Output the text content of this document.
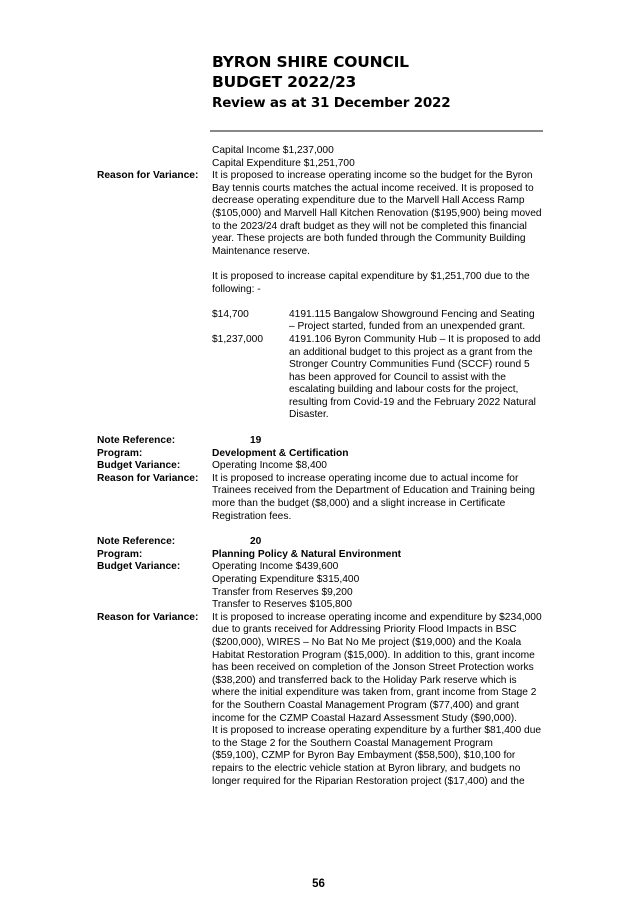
BYRON SHIRE COUNCIL
BUDGET 2022/23
Review as at 31 December 2022
Capital Income $1,237,000
Capital Expenditure $1,251,700
Reason for Variance:	It is proposed to increase operating income so the budget for the Byron Bay tennis courts matches the actual income received. It is proposed to decrease operating expenditure due to the Marvell Hall Access Ramp ($105,000) and Marvell Hall Kitchen Renovation ($195,900) being moved to the 2023/24 draft budget as they will not be completed this financial year. These projects are both funded through the Community Building Maintenance reserve.
It is proposed to increase capital expenditure by $1,251,700 due to the following: -
$14,700	4191.115 Bangalow Showground Fencing and Seating – Project started, funded from an unexpended grant.
$1,237,000	4191.106 Byron Community Hub – It is proposed to add an additional budget to this project as a grant from the Stronger Country Communities Fund (SCCF) round 5 has been approved for Council to assist with the escalating building and labour costs for the project, resulting from Covid-19 and the February 2022 Natural Disaster.
Note Reference:	19
Program:	Development & Certification
Budget Variance:	Operating Income $8,400
Reason for Variance:	It is proposed to increase operating income due to actual income for Trainees received from the Department of Education and Training being more than the budget ($8,000) and a slight increase in Certificate Registration fees.
Note Reference:	20
Program:	Planning Policy & Natural Environment
Budget Variance:	Operating Income $439,600
Operating Expenditure $315,400
Transfer from Reserves $9,200
Transfer to Reserves $105,800
Reason for Variance:	It is proposed to increase operating income and expenditure by $234,000 due to grants received for Addressing Priority Flood Impacts in BSC ($200,000), WIRES – No Bat No Me project ($19,000) and the Koala Habitat Restoration Program ($15,000). In addition to this, grant income has been received on completion of the Jonson Street Protection works ($38,200) and transferred back to the Holiday Park reserve which is where the initial expenditure was taken from, grant income from Stage 2 for the Southern Coastal Management Program ($77,400) and grant income for the CZMP Coastal Hazard Assessment Study ($90,000).
It is proposed to increase operating expenditure by a further $81,400 due to the Stage 2 for the Southern Coastal Management Program ($59,100), CZMP for Byron Bay Embayment ($58,500), $10,100 for repairs to the electric vehicle station at Byron library, and budgets no longer required for the Riparian Restoration project ($17,400) and the
56
